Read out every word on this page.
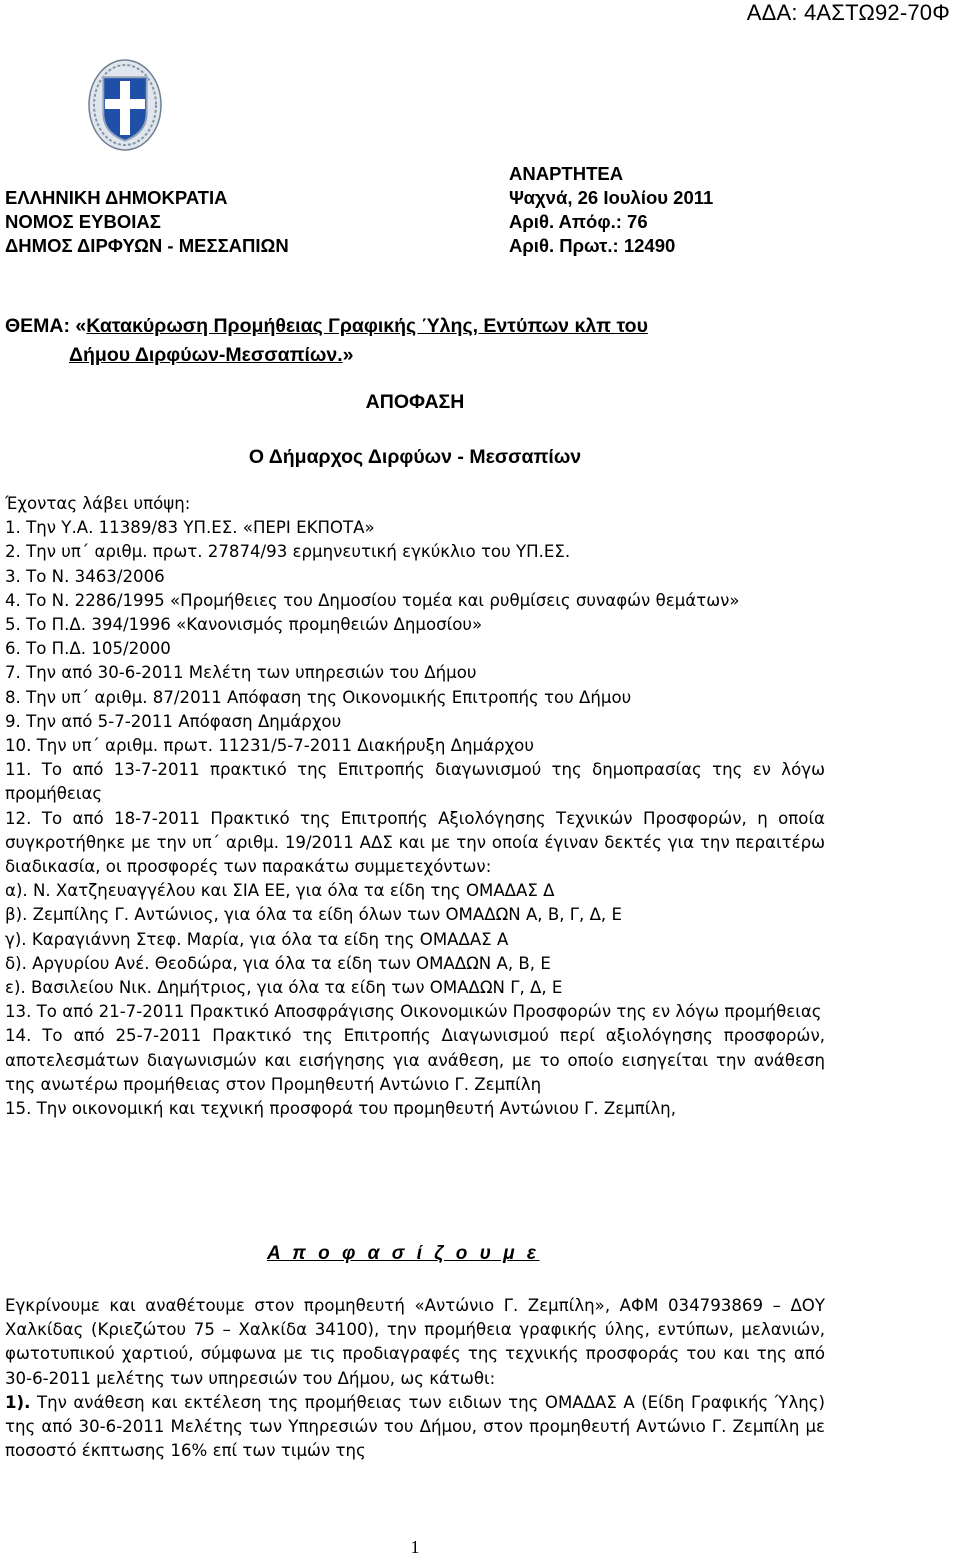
ΑΔΑ: 4ΑΣΤΩ92-70Φ
ΕΛΛΗΝΙΚΗ ΔΗΜΟΚΡΑΤΙΑ
ΝΟΜΟΣ ΕΥΒΟΙΑΣ
ΔΗΜΟΣ ΔΙΡΦΥΩΝ - ΜΕΣΣΑΠΙΩΝ
ΑΝΑΡΤΗΤΕΑ
Ψαχνά, 26 Ιουλίου 2011
Αριθ. Απόφ.: 76
Αριθ. Πρωτ.: 12490
ΘΕΜΑ: «Κατακύρωση Προμήθειας Γραφικής Ύλης, Εντύπων κλπ του
Δήμου Διρφύων-Μεσσαπίων.»
ΑΠΟΦΑΣΗ
Ο Δήμαρχος Διρφύων - Μεσσαπίων

Έχοντας λάβει υπόψη:

1. Την Υ.Α. 11389/83 ΥΠ.ΕΣ. «ΠΕΡΙ ΕΚΠΟΤΑ»

2. Την υπ΄ αριθμ. πρωτ. 27874/93 ερμηνευτική εγκύκλιο του ΥΠ.ΕΣ.

3. Το Ν. 3463/2006

4. Το Ν. 2286/1995 «Προμήθειες του Δημοσίου τομέα και ρυθμίσεις συναφών θεμάτων»

5. Το Π.Δ. 394/1996 «Κανονισμός προμηθειών Δημοσίου»

6. Το Π.Δ. 105/2000

7. Την από 30-6-2011 Μελέτη των υπηρεσιών του Δήμου

8. Την υπ΄ αριθμ. 87/2011 Απόφαση της Οικονομικής Επιτροπής του Δήμου

9. Την από 5-7-2011 Απόφαση Δημάρχου

10. Την υπ΄ αριθμ. πρωτ. 11231/5-7-2011 Διακήρυξη Δημάρχου

11. Το από 13-7-2011 πρακτικό της Επιτροπής διαγωνισμού της δημοπρασίας της εν λόγω προμήθειας

12. Το από 18-7-2011 Πρακτικό της Επιτροπής Αξιολόγησης Τεχνικών Προσφορών, η οποία συγκροτήθηκε με την υπ΄ αριθμ. 19/2011 ΑΔΣ και με την οποία έγιναν δεκτές για την περαιτέρω διαδικασία, οι προσφορές των παρακάτω συμμετεχόντων:

α). Ν. Χατζηευαγγέλου και ΣΙΑ ΕΕ, για όλα τα είδη της ΟΜΑΔΑΣ Δ

β). Ζεμπίλης Γ. Αντώνιος, για όλα τα είδη όλων των ΟΜΑΔΩΝ Α, Β, Γ, Δ, Ε

γ). Καραγιάννη Στεφ. Μαρία, για όλα τα είδη της ΟΜΑΔΑΣ Α

δ). Αργυρίου Ανέ. Θεοδώρα, για όλα τα είδη των ΟΜΑΔΩΝ Α, Β, Ε

ε). Βασιλείου Νικ. Δημήτριος, για όλα τα είδη των ΟΜΑΔΩΝ Γ, Δ, Ε

13. Το από 21-7-2011 Πρακτικό Αποσφράγισης Οικονομικών Προσφορών της εν λόγω προμήθειας

14. Το από 25-7-2011 Πρακτικό της Επιτροπής Διαγωνισμού περί αξιολόγησης προσφορών, αποτελεσμάτων διαγωνισμών και εισήγησης για ανάθεση, με το οποίο εισηγείται την ανάθεση της ανωτέρω προμήθειας στον Προμηθευτή Αντώνιο Γ. Ζεμπίλη

15. Την οικονομική και τεχνική προσφορά του προμηθευτή Αντώνιου Γ. Ζεμπίλη,

Α π ο φ α σ ί ζ ο υ μ ε

Εγκρίνουμε και αναθέτουμε στον προμηθευτή «Αντώνιο Γ. Ζεμπίλη», ΑΦΜ 034793869 – ΔΟΥ Χαλκίδας (Κριεζώτου 75 – Χαλκίδα 34100), την προμήθεια γραφικής ύλης, εντύπων, μελανιών, φωτοτυπικού χαρτιού, σύμφωνα με τις προδιαγραφές της τεχνικής προσφοράς του και της από 30-6-2011 μελέτης των υπηρεσιών του Δήμου, ως κάτωθι:

1). Την ανάθεση και εκτέλεση της προμήθειας των ειδιων της ΟΜΑΔΑΣ Α (Είδη Γραφικής Ύλης) της από 30-6-2011 Μελέτης των Υπηρεσιών του Δήμου, στον προμηθευτή Αντώνιο Γ. Ζεμπίλη με ποσοστό έκπτωσης 16% επί των τιμών της

1
